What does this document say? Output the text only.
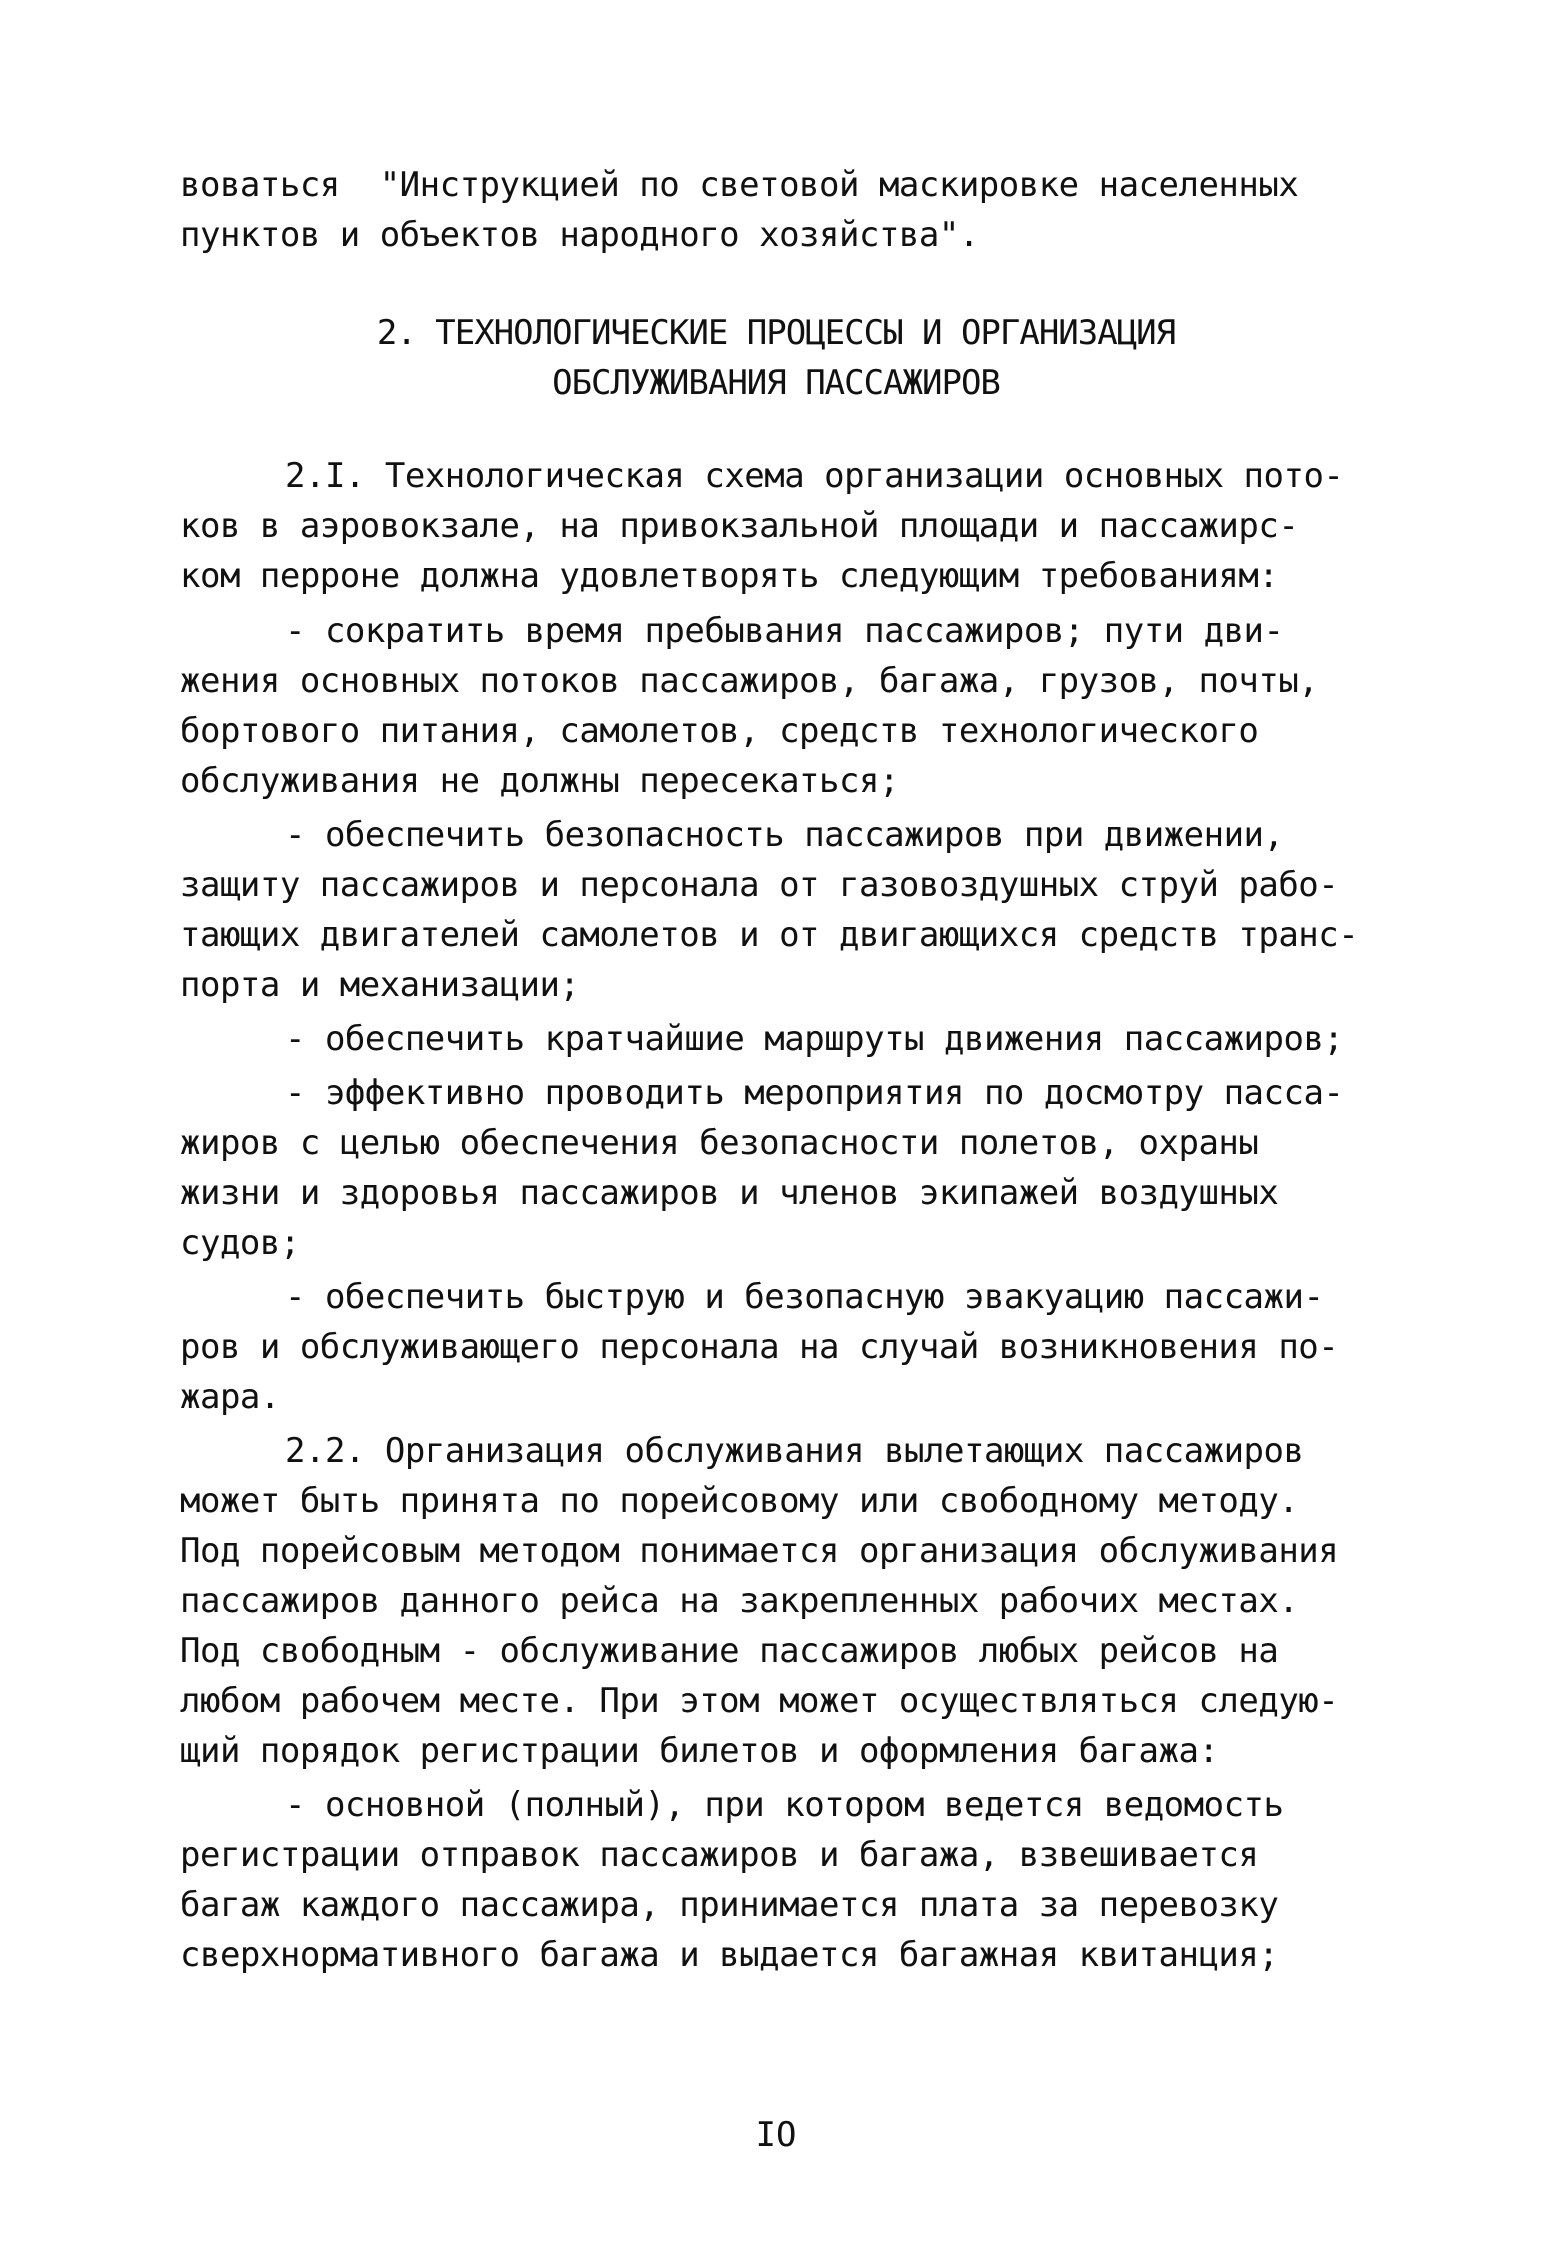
вовaться  "Инструкцией по световой маскировке населенных
пунктов и объектов народного хозяйства".
2. ТЕХНОЛОГИЧЕСКИЕ ПРОЦЕССЫ И ОРГАНИЗАЦИЯ
ОБСЛУЖИВАНИЯ ПАССАЖИРОВ
2.I. Технологическая схема организации основных пото-
ков в аэровокзале, на привокзальной площади и пассажирс-
ком перроне должна удовлетворять следующим требованиям:
- сократить время пребывания пассажиров; пути дви-
жения основных потоков пассажиров, багажа, грузов, почты,
бортового питания, самолетов, средств технологического
обслуживания не должны пересекаться;
- обеспечить безопасность пассажиров при движении,
защиту пассажиров и персонала от газовоздушных струй рабо-
тающих двигателей самолетов и от двигающихся средств транс-
порта и механизации;
- обеспечить кратчайшие маршруты движения пассажиров;
- эффективно проводить мероприятия по досмотру пасса-
жиров с целью обеспечения безопасности полетов, охраны
жизни и здоровья пассажиров и членов экипажей воздушных
судов;
- обеспечить быструю и безопасную эвакуацию пассажи-
ров и обслуживающего персонала на случай возникновения по-
жара.
2.2. Организация обслуживания вылетающих пассажиров
может быть принята по порейсовому или свободному методу.
Под порейсовым методом понимается организация обслуживания
пассажиров данного рейса на закрепленных рабочих местах.
Под свободным - обслуживание пассажиров любых рейсов на
любом рабочем месте. При этом может осуществляться следую-
щий порядок регистрации билетов и оформления багажа:
- основной (полный), при котором ведется ведомость
регистрации отправок пассажиров и багажа, взвешивается
багаж каждого пассажира, принимается плата за перевозку
сверхнормативного багажа и выдается багажная квитанция;
IO
